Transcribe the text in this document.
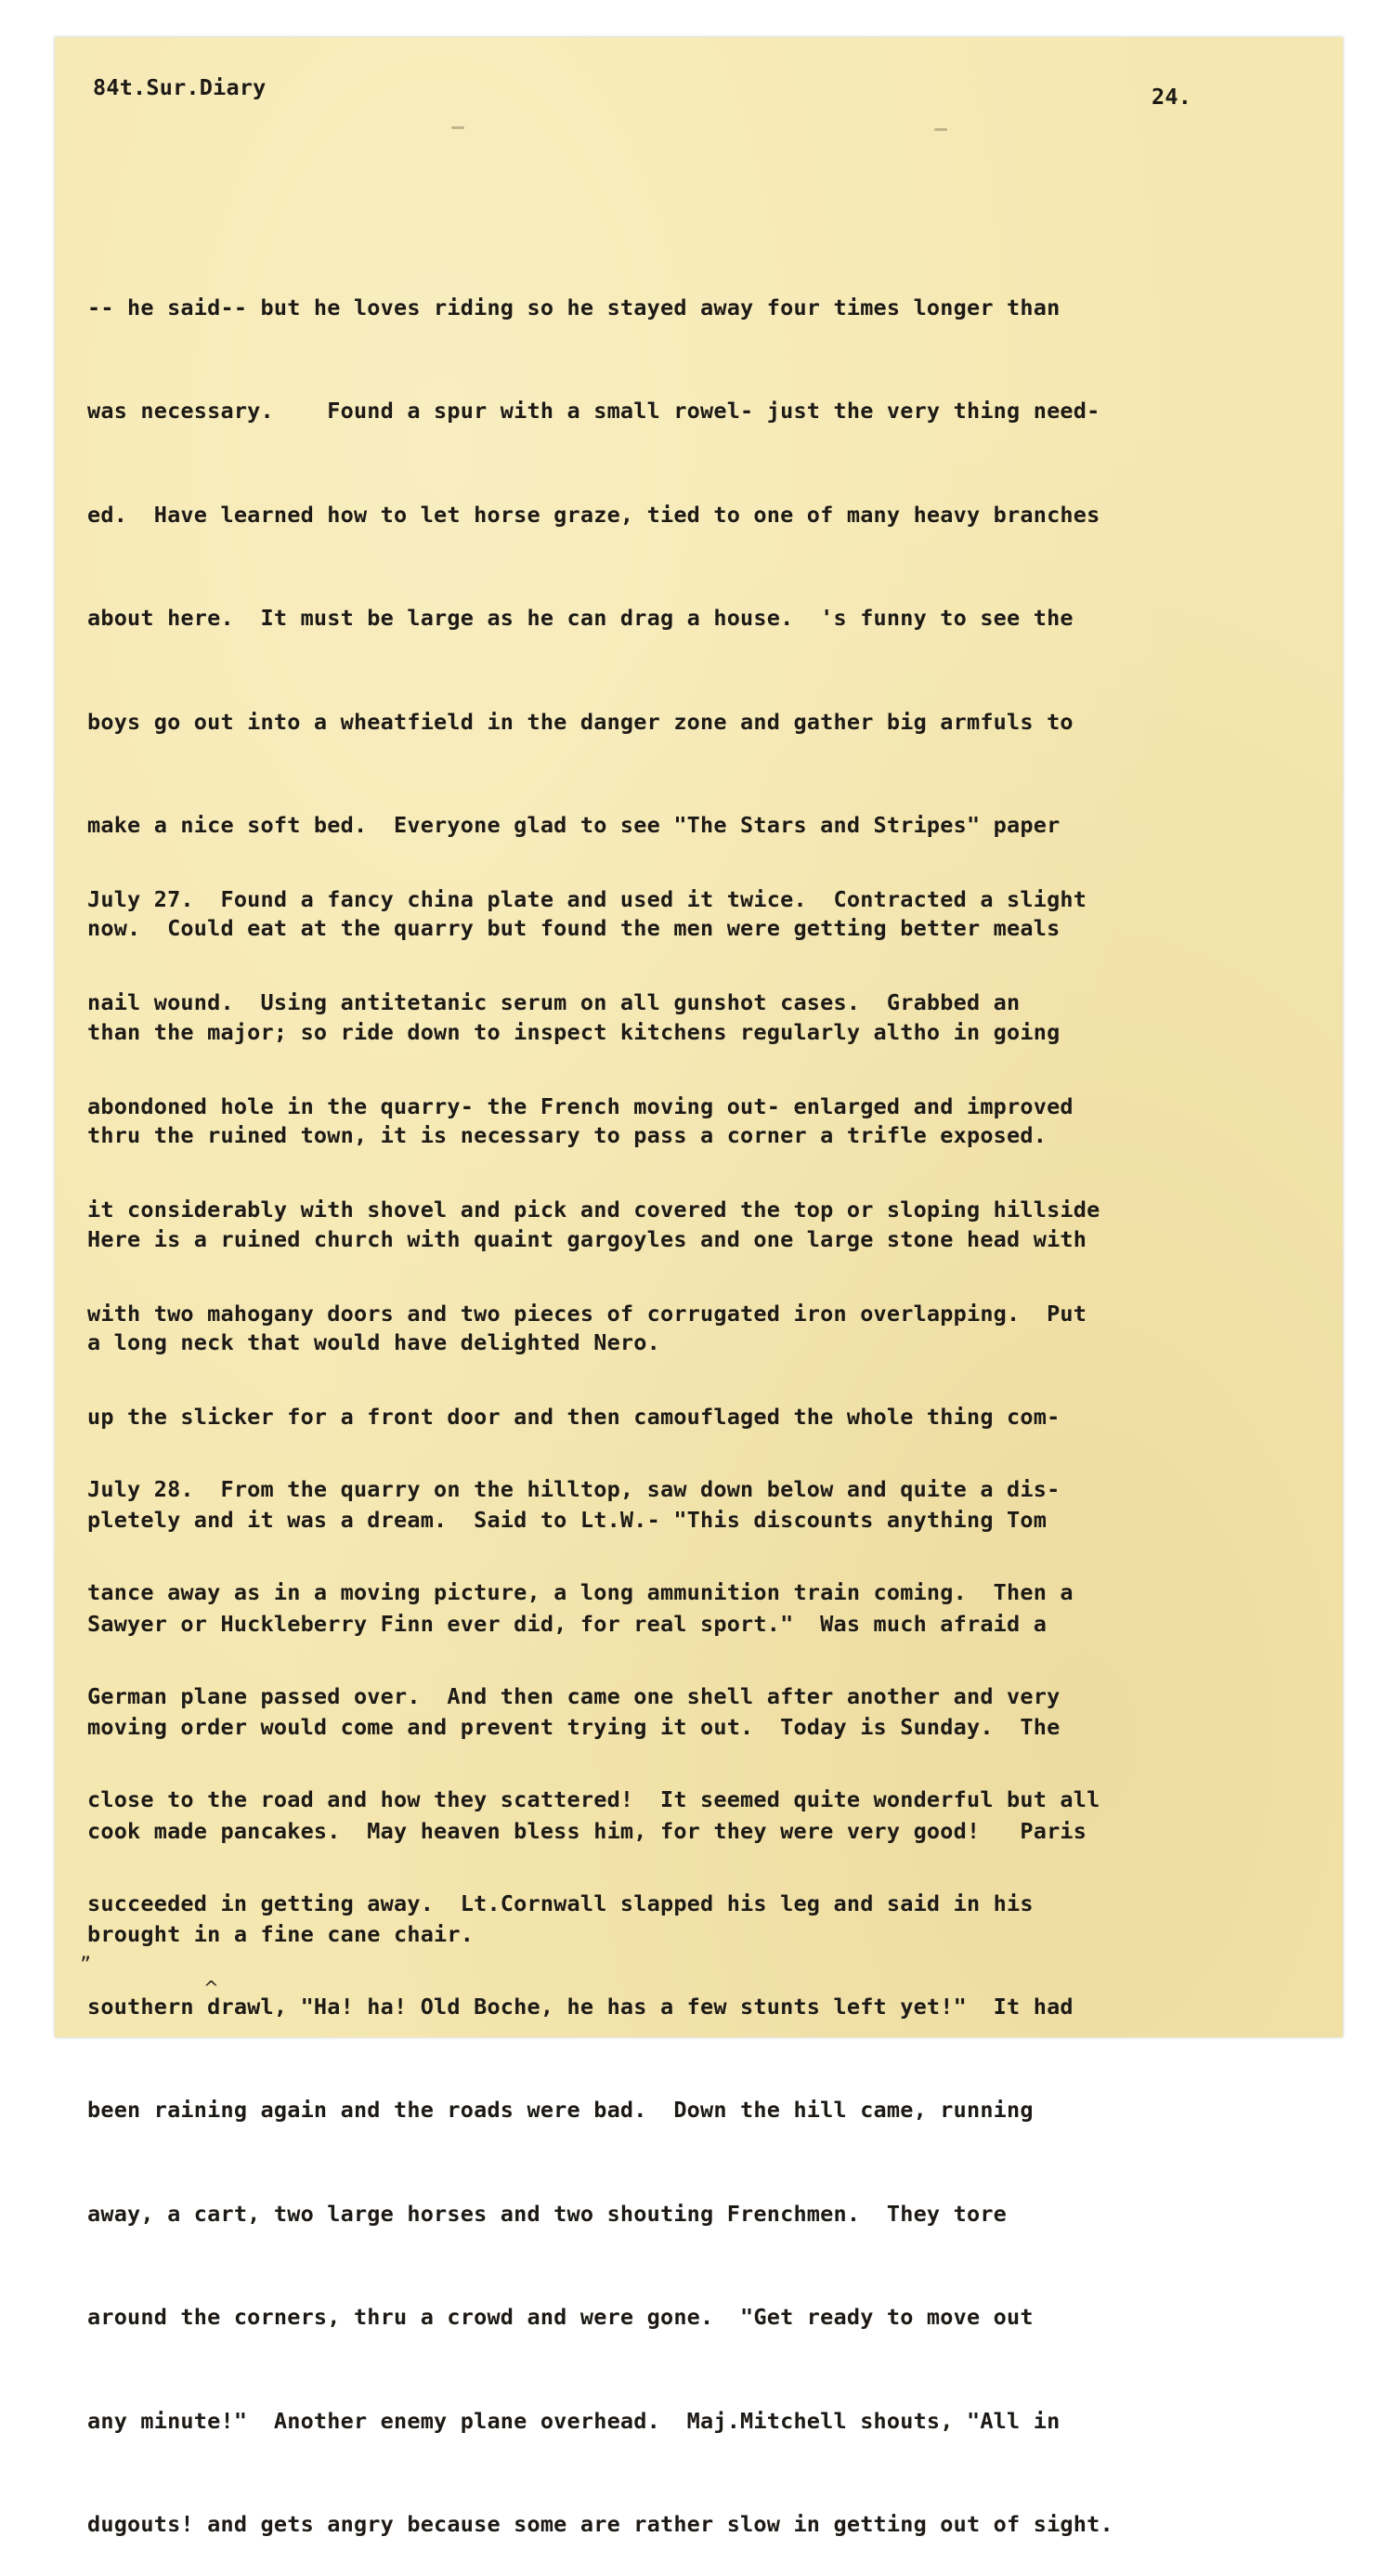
84t.Sur.Diary	24.

-- he said-- but he loves riding so he stayed away four times longer than

was necessary.    Found a spur with a small rowel- just the very thing need-

ed.  Have learned how to let horse graze, tied to one of many heavy branches

about here.  It must be large as he can drag a house.  's funny to see the

boys go out into a wheatfield in the danger zone and gather big armfuls to

make a nice soft bed.  Everyone glad to see "The Stars and Stripes" paper

now.  Could eat at the quarry but found the men were getting better meals

than the major; so ride down to inspect kitchens regularly altho in going

thru the ruined town, it is necessary to pass a corner a trifle exposed.

Here is a ruined church with quaint gargoyles and one large stone head with

a long neck that would have delighted Nero.

July 27.  Found a fancy china plate and used it twice.  Contracted a slight

nail wound.  Using antitetanic serum on all gunshot cases.  Grabbed an

abondoned hole in the quarry- the French moving out- enlarged and improved

it considerably with shovel and pick and covered the top or sloping hillside

with two mahogany doors and two pieces of corrugated iron overlapping.  Put

up the slicker for a front door and then camouflaged the whole thing com-

pletely and it was a dream.  Said to Lt.W.- "This discounts anything Tom

Sawyer or Huckleberry Finn ever did, for real sport."  Was much afraid a

moving order would come and prevent trying it out.  Today is Sunday.  The

cook made pancakes.  May heaven bless him, for they were very good!   Paris

brought in a fine cane chair.

July 28.  From the quarry on the hilltop, saw down below and quite a dis-

tance away as in a moving picture, a long ammunition train coming.  Then a

German plane passed over.  And then came one shell after another and very

close to the road and how they scattered!  It seemed quite wonderful but all

succeeded in getting away.  Lt.Cornwall slapped his leg and said in his

southern drawl, "Ha! ha! Old Boche, he has a few stunts left yet!"  It had

been raining again and the roads were bad.  Down the hill came, running

away, a cart, two large horses and two shouting Frenchmen.  They tore

around the corners, thru a crowd and were gone.  "Get ready to move out

any minute!"  Another enemy plane overhead.  Maj.Mitchell shouts, "All in

dugouts! and gets angry because some are rather slow in getting out of sight.

”
^
